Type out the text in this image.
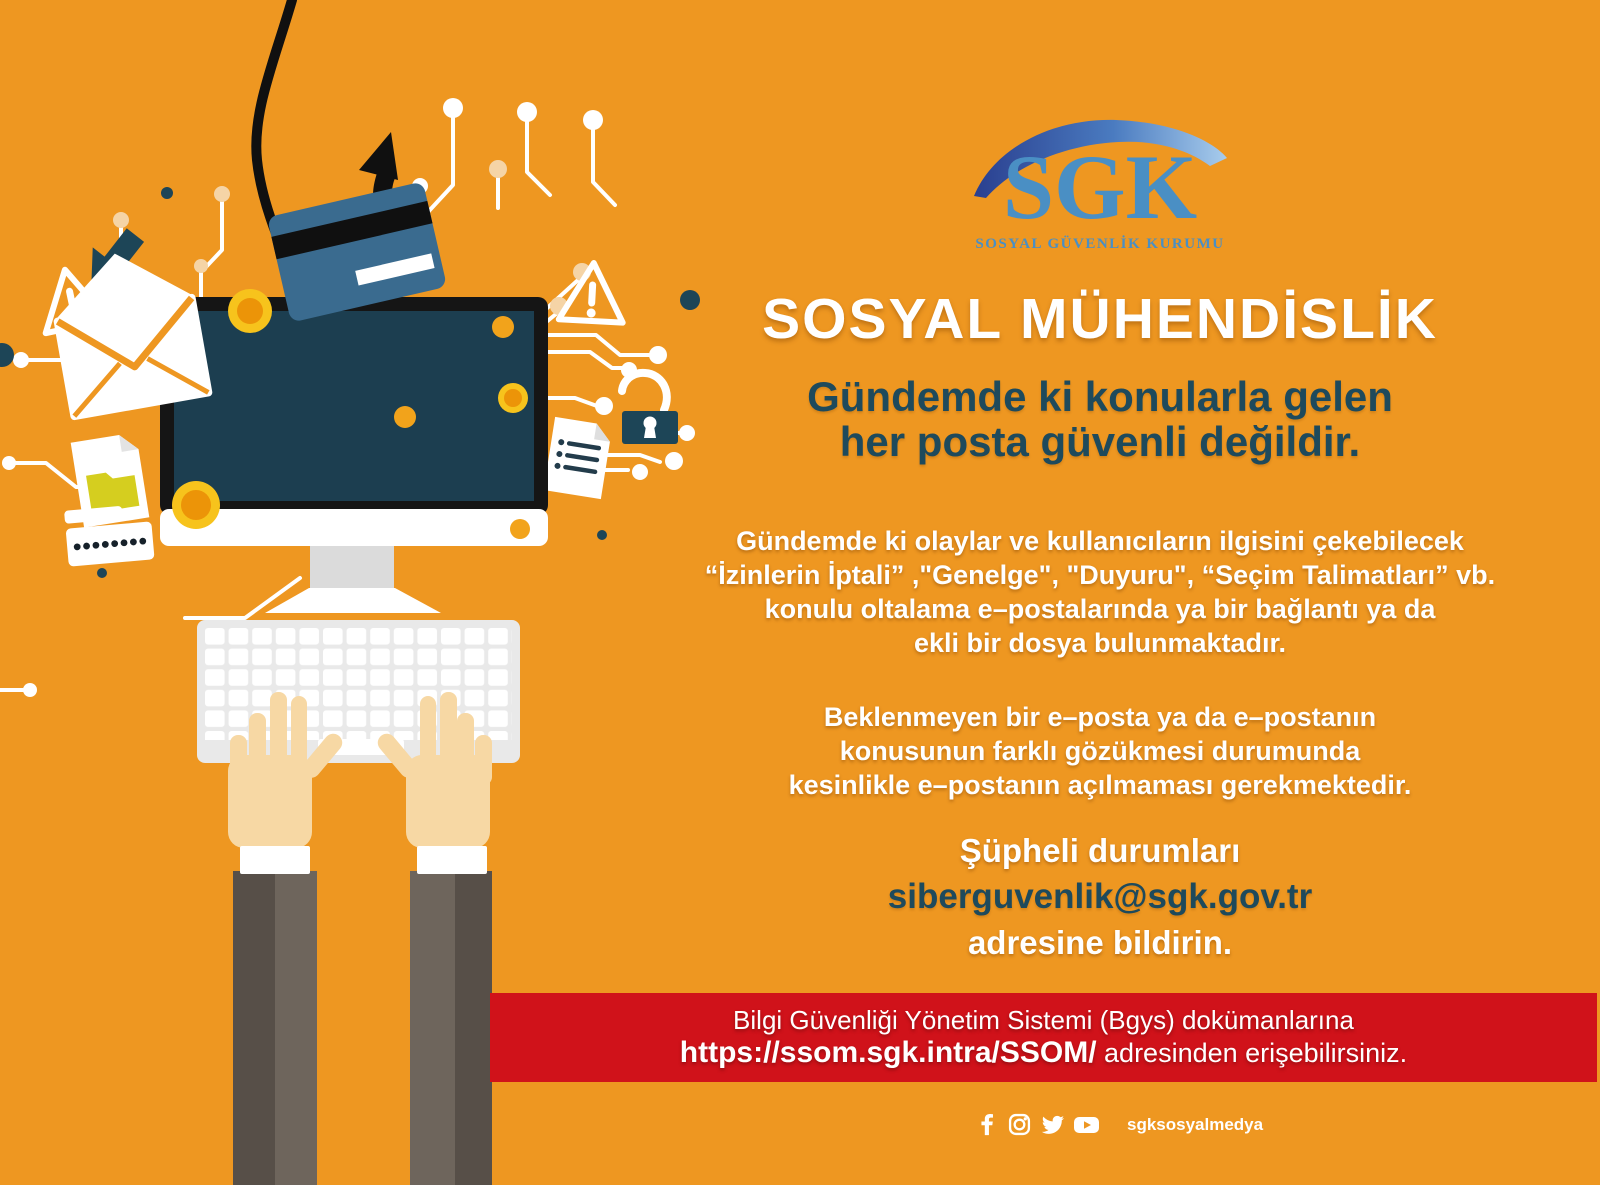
SGK
SOSYAL GÜVENLİK KURUMU
SOSYAL MÜHENDİSLİK
Gündemde ki konularla gelen
her posta güvenli değildir.

Gündemde ki olaylar ve kullanıcıların ilgisini çekebilecek
“İzinlerin İptali” ,"Genelge", "Duyuru", “Seçim Talimatları” vb.
konulu oltalama e–postalarında ya bir bağlantı ya da
ekli bir dosya bulunmaktadır.

Beklenmeyen bir e–posta ya da e–postanın
konusunun farklı gözükmesi durumunda
kesinlikle e–postanın açılmaması gerekmektedir.

Şüpheli durumları
siberguvenlik@sgk.gov.tr
adresine bildirin.

Bilgi Güvenliği Yönetim Sistemi (Bgys) dokümanlarına
https://ssom.sgk.intra/SSOM/ adresinden erişebilirsiniz.
sgksosyalmedya
